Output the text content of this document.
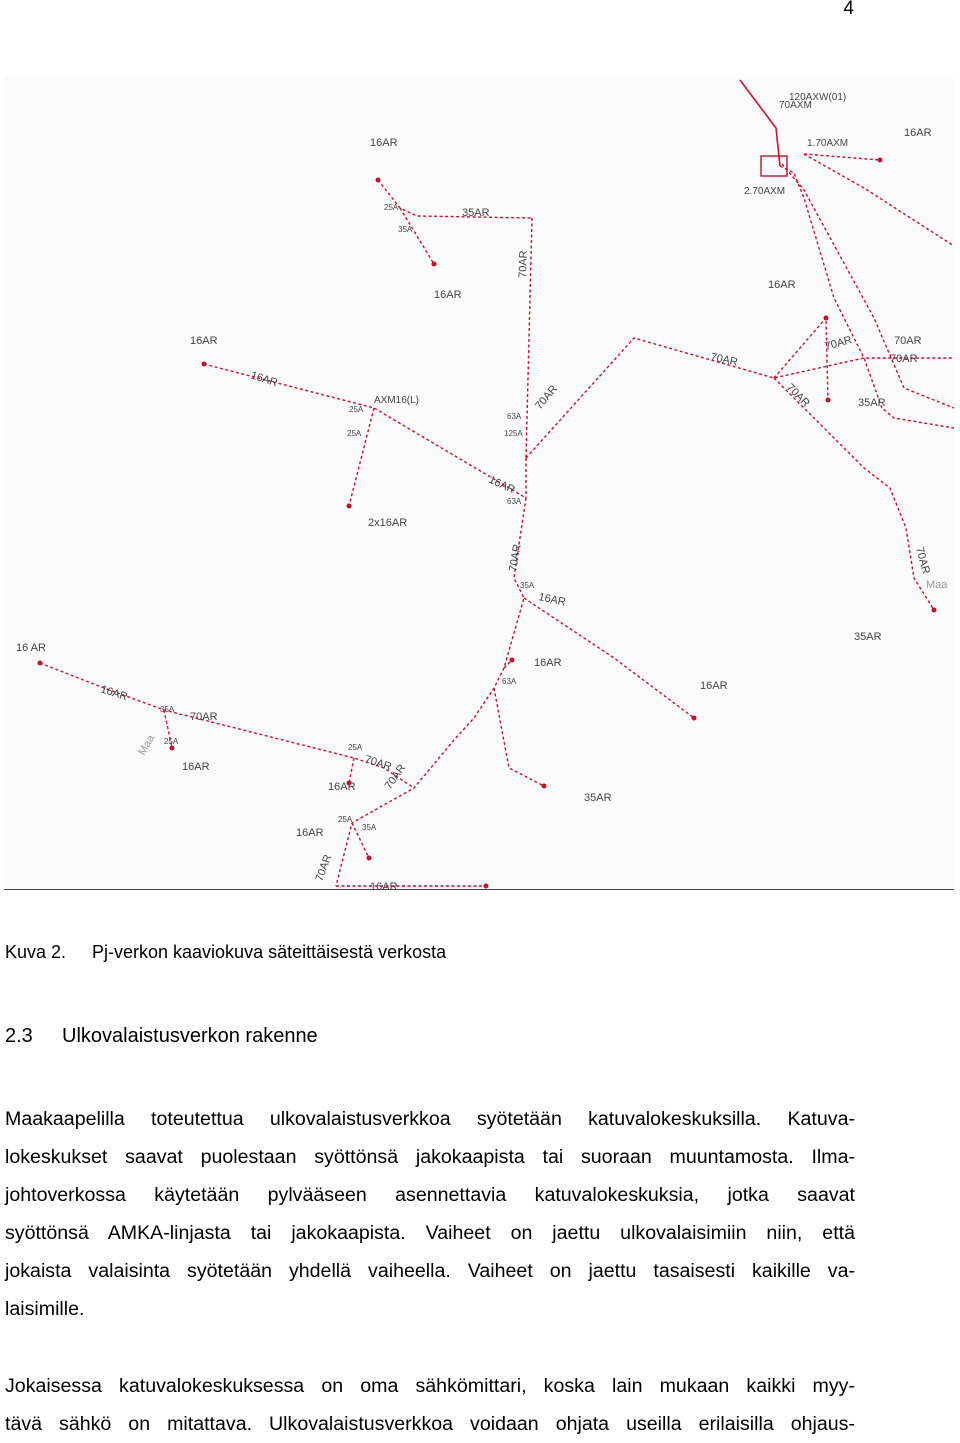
4
16AR
25A
35A
35AR
16AR
70AR
120AXW(01)
70AXM
1.70AXM
2.70AXM
16AR
16AR
16AR
16AR
AXM16(L)
25A
25A
2x16AR
63A
125A
70AR
16AR
63A
70AR
70AR
70AR	70AR
70AR
70AR	35AR
70AR
Maa
35A
16AR
35AR
16AR
16AR
63A
16 AR
16AR
35A
70AR
Maa 25A
16AR
25A
70AR
70AR
16AR
35AR
25A
35A
16AR
70AR
16AR
Kuva 2. Pj-verkon kaaviokuva säteittäisestä verkosta
2.3 Ulkovalaistusverkon rakenne
Maakaapelilla toteutettua ulkovalaistusverkkoa syötetään katuvalokeskuksilla. Katuva-
lokeskukset saavat puolestaan syöttönsä jakokaapista tai suoraan muuntamosta. Ilma-
johtoverkossa käytetään pylvääseen asennettavia katuvalokeskuksia, jotka saavat
syöttönsä AMKA-linjasta tai jakokaapista. Vaiheet on jaettu ulkovalaisimiin niin, että
jokaista valaisinta syötetään yhdellä vaiheella. Vaiheet on jaettu tasaisesti kaikille va-
laisimille.
Jokaisessa katuvalokeskuksessa on oma sähkömittari, koska lain mukaan kaikki myy-
tävä sähkö on mitattava. Ulkovalaistusverkkoa voidaan ohjata useilla erilaisilla ohjaus-
